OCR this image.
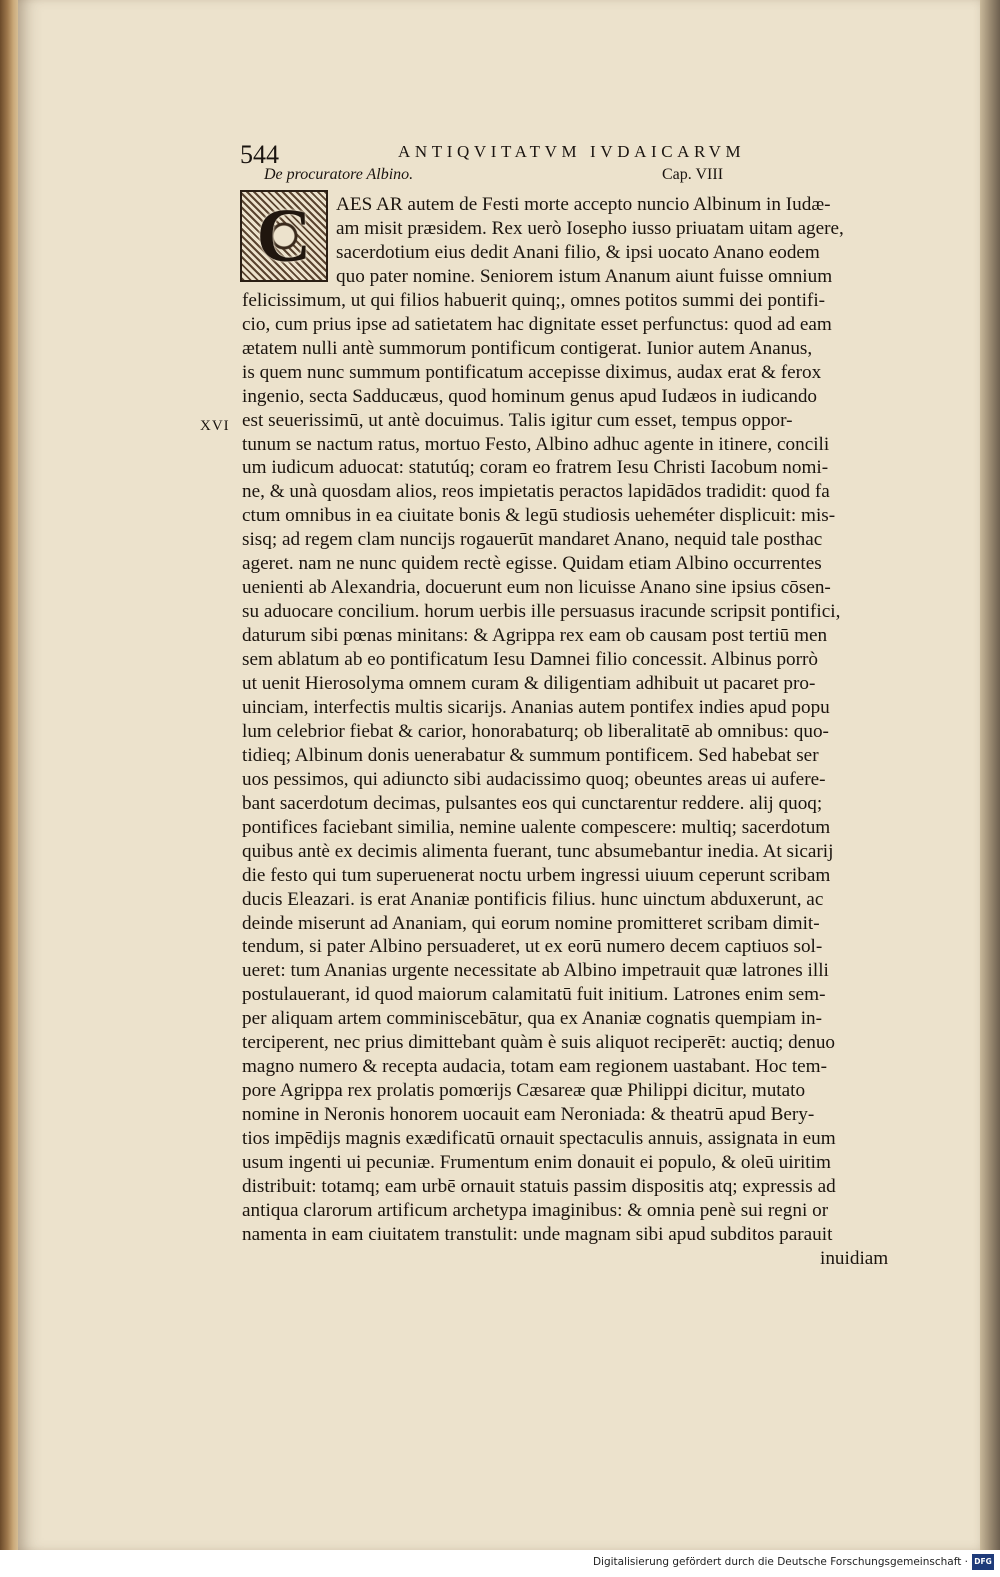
544	ANTIQVITATVM IVDAICARVM
De procuratore Albino.	Cap. VIII
C
XVI
AES AR autem de Festi morte accepto nuncio Albinum in Iudæ-
am misit præsidem. Rex uerò Iosepho iusso priuatam uitam agere,
sacerdotium eius dedit Anani filio, & ipsi uocato Anano eodem
quo pater nomine. Seniorem istum Ananum aiunt fuisse omnium
felicissimum, ut qui filios habuerit quinq;, omnes potitos summi dei pontifi-
cio, cum prius ipse ad satietatem hac dignitate esset perfunctus: quod ad eam
ætatem nulli antè summorum pontificum contigerat. Iunior autem Ananus,
is quem nunc summum pontificatum accepisse diximus, audax erat & ferox
ingenio, secta Sadducæus, quod hominum genus apud Iudæos in iudicando
est seuerissimū, ut antè docuimus. Talis igitur cum esset, tempus oppor-
tunum se nactum ratus, mortuo Festo, Albino adhuc agente in itinere, concili
um iudicum aduocat: statutúq; coram eo fratrem Iesu Christi Iacobum nomi-
ne, & unà quosdam alios, reos impietatis peractos lapidādos tradidit: quod fa
ctum omnibus in ea ciuitate bonis & legū studiosis ueheméter displicuit: mis-
sisq; ad regem clam nuncijs rogauerūt mandaret Anano, nequid tale posthac
ageret. nam ne nunc quidem rectè egisse. Quidam etiam Albino occurrentes
uenienti ab Alexandria, docuerunt eum non licuisse Anano sine ipsius cōsen-
su aduocare concilium. horum uerbis ille persuasus iracunde scripsit pontifici,
daturum sibi pœnas minitans: & Agrippa rex eam ob causam post tertiū men
sem ablatum ab eo pontificatum Iesu Damnei filio concessit. Albinus porrò
ut uenit Hierosolyma omnem curam & diligentiam adhibuit ut pacaret pro-
uinciam, interfectis multis sicarijs. Ananias autem pontifex indies apud popu
lum celebrior fiebat & carior, honorabaturq; ob liberalitatē ab omnibus: quo-
tidieq; Albinum donis uenerabatur & summum pontificem. Sed habebat ser
uos pessimos, qui adiuncto sibi audacissimo quoq; obeuntes areas ui aufere-
bant sacerdotum decimas, pulsantes eos qui cunctarentur reddere. alij quoq;
pontifices faciebant similia, nemine ualente compescere: multiq; sacerdotum
quibus antè ex decimis alimenta fuerant, tunc absumebantur inedia. At sicarij
die festo qui tum superuenerat noctu urbem ingressi uiuum ceperunt scribam
ducis Eleazari. is erat Ananiæ pontificis filius. hunc uinctum abduxerunt, ac
deinde miserunt ad Ananiam, qui eorum nomine promitteret scribam dimit-
tendum, si pater Albino persuaderet, ut ex eorū numero decem captiuos sol-
ueret: tum Ananias urgente necessitate ab Albino impetrauit quæ latrones illi
postulauerant, id quod maiorum calamitatū fuit initium. Latrones enim sem-
per aliquam artem comminiscebātur, qua ex Ananiæ cognatis quempiam in-
terciperent, nec prius dimittebant quàm è suis aliquot reciperēt: auctiq; denuo
magno numero & recepta audacia, totam eam regionem uastabant. Hoc tem-
pore Agrippa rex prolatis pomœrijs Cæsareæ quæ Philippi dicitur, mutato
nomine in Neronis honorem uocauit eam Neroniada: & theatrū apud Bery-
tios impēdijs magnis exædificatū ornauit spectaculis annuis, assignata in eum
usum ingenti ui pecuniæ. Frumentum enim donauit ei populo, & oleū uiritim
distribuit: totamq; eam urbē ornauit statuis passim dispositis atq; expressis ad
antiqua clarorum artificum archetypa imaginibus: & omnia penè sui regni or
namenta in eam ciuitatem transtulit: unde magnam sibi apud subditos parauit
inuidiam
Digitalisierung gefördert durch die Deutsche Forschungsgemeinschaft · DFG
